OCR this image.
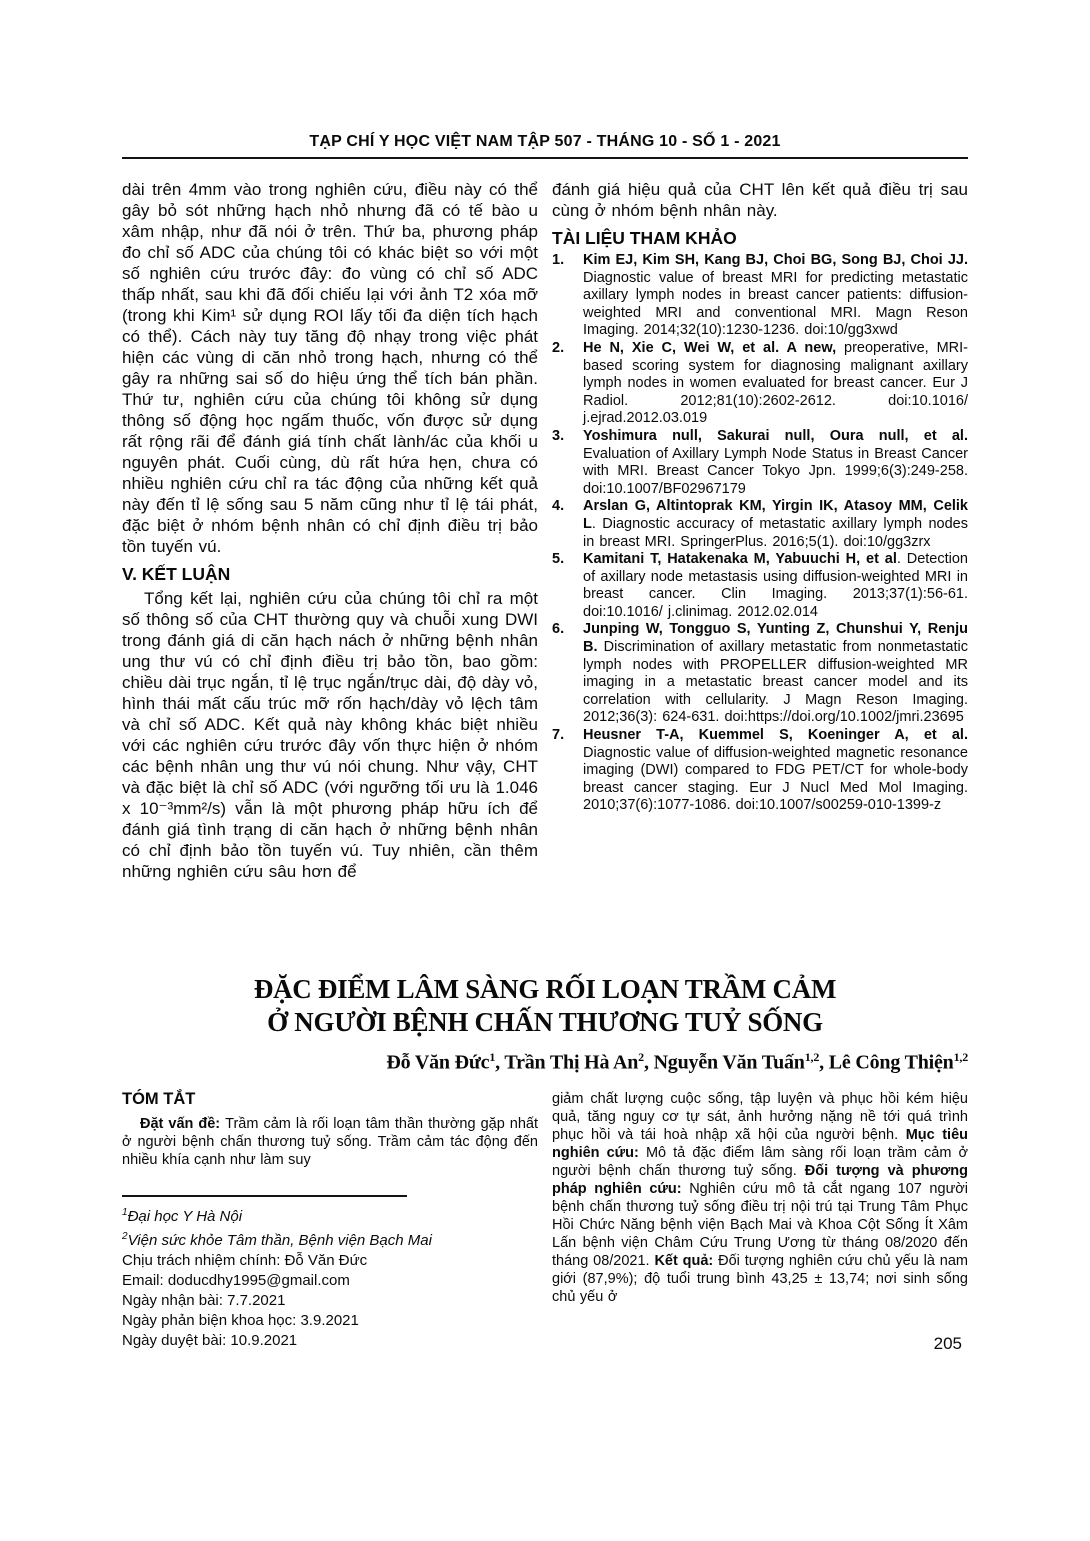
TẠP CHÍ Y HỌC VIỆT NAM TẬP 507 - THÁNG 10 - SỐ 1 - 2021

dài trên 4mm vào trong nghiên cứu, điều này có thể gây bỏ sót những hạch nhỏ nhưng đã có tế bào u xâm nhập, như đã nói ở trên. Thứ ba, phương pháp đo chỉ số ADC của chúng tôi có khác biệt so với một số nghiên cứu trước đây: đo vùng có chỉ số ADC thấp nhất, sau khi đã đối chiếu lại với ảnh T2 xóa mỡ (trong khi Kim¹ sử dụng ROI lấy tối đa diện tích hạch có thể). Cách này tuy tăng độ nhạy trong việc phát hiện các vùng di căn nhỏ trong hạch, nhưng có thể gây ra những sai số do hiệu ứng thể tích bán phần. Thứ tư, nghiên cứu của chúng tôi không sử dụng thông số động học ngấm thuốc, vốn được sử dụng rất rộng rãi để đánh giá tính chất lành/ác của khối u nguyên phát. Cuối cùng, dù rất hứa hẹn, chưa có nhiều nghiên cứu chỉ ra tác động của những kết quả này đến tỉ lệ sống sau 5 năm cũng như tỉ lệ tái phát, đặc biệt ở nhóm bệnh nhân có chỉ định điều trị bảo tồn tuyến vú.

V. KẾT LUẬN

Tổng kết lại, nghiên cứu của chúng tôi chỉ ra một số thông số của CHT thường quy và chuỗi xung DWI trong đánh giá di căn hạch nách ở những bệnh nhân ung thư vú có chỉ định điều trị bảo tồn, bao gồm: chiều dài trục ngắn, tỉ lệ trục ngắn/trục dài, độ dày vỏ, hình thái mất cấu trúc mỡ rốn hạch/dày vỏ lệch tâm và chỉ số ADC. Kết quả này không khác biệt nhiều với các nghiên cứu trước đây vốn thực hiện ở nhóm các bệnh nhân ung thư vú nói chung. Như vậy, CHT và đặc biệt là chỉ số ADC (với ngưỡng tối ưu là 1.046 x 10⁻³mm²/s) vẫn là một phương pháp hữu ích để đánh giá tình trạng di căn hạch ở những bệnh nhân có chỉ định bảo tồn tuyến vú. Tuy nhiên, cần thêm những nghiên cứu sâu hơn để

đánh giá hiệu quả của CHT lên kết quả điều trị sau cùng ở nhóm bệnh nhân này.

TÀI LIỆU THAM KHẢO
1. Kim EJ, Kim SH, Kang BJ, Choi BG, Song BJ, Choi JJ. Diagnostic value of breast MRI for predicting metastatic axillary lymph nodes in breast cancer patients: diffusion-weighted MRI and conventional MRI. Magn Reson Imaging. 2014;32(10):1230-1236. doi:10/gg3xwd
2. He N, Xie C, Wei W, et al. A new, preoperative, MRI-based scoring system for diagnosing malignant axillary lymph nodes in women evaluated for breast cancer. Eur J Radiol. 2012;81(10):2602-2612. doi:10.1016/ j.ejrad.2012.03.019
3. Yoshimura null, Sakurai null, Oura null, et al. Evaluation of Axillary Lymph Node Status in Breast Cancer with MRI. Breast Cancer Tokyo Jpn. 1999;6(3):249-258. doi:10.1007/BF02967179
4. Arslan G, Altintoprak KM, Yirgin IK, Atasoy MM, Celik L. Diagnostic accuracy of metastatic axillary lymph nodes in breast MRI. SpringerPlus. 2016;5(1). doi:10/gg3zrx
5. Kamitani T, Hatakenaka M, Yabuuchi H, et al. Detection of axillary node metastasis using diffusion-weighted MRI in breast cancer. Clin Imaging. 2013;37(1):56-61. doi:10.1016/ j.clinimag. 2012.02.014
6. Junping W, Tongguo S, Yunting Z, Chunshui Y, Renju B. Discrimination of axillary metastatic from nonmetastatic lymph nodes with PROPELLER diffusion-weighted MR imaging in a metastatic breast cancer model and its correlation with cellularity. J Magn Reson Imaging. 2012;36(3): 624-631. doi:https://doi.org/10.1002/jmri.23695
7. Heusner T-A, Kuemmel S, Koeninger A, et al. Diagnostic value of diffusion-weighted magnetic resonance imaging (DWI) compared to FDG PET/CT for whole-body breast cancer staging. Eur J Nucl Med Mol Imaging. 2010;37(6):1077-1086. doi:10.1007/s00259-010-1399-z
ĐẶC ĐIỂM LÂM SÀNG RỐI LOẠN TRẦM CẢM
Ở NGƯỜI BỆNH CHẤN THƯƠNG TUỶ SỐNG
Đỗ Văn Đức$^1$, Trần Thị Hà An$^2$, Nguyễn Văn Tuấn$^{1,2}$, Lê Công Thiện$^{1,2}$
TÓM TẮT

Đặt vấn đề: Trầm cảm là rối loạn tâm thần thường gặp nhất ở người bệnh chấn thương tuỷ sống. Trầm cảm tác động đến nhiều khía cạnh như làm suy

$^1$Đại học Y Hà Nội
$^2$Viện sức khỏe Tâm thần, Bệnh viện Bạch Mai
Chịu trách nhiệm chính: Đỗ Văn Đức
Email: doducdhy1995@gmail.com
Ngày nhận bài: 7.7.2021
Ngày phản biện khoa học: 3.9.2021
Ngày duyệt bài: 10.9.2021

giảm chất lượng cuộc sống, tập luyện và phục hồi kém hiệu quả, tăng nguy cơ tự sát, ảnh hưởng nặng nề tới quá trình phục hồi và tái hoà nhập xã hội của người bệnh. Mục tiêu nghiên cứu: Mô tả đặc điểm lâm sàng rối loạn trầm cảm ở người bệnh chấn thương tuỷ sống. Đối tượng và phương pháp nghiên cứu: Nghiên cứu mô tả cắt ngang 107 người bệnh chấn thương tuỷ sống điều trị nội trú tại Trung Tâm Phục Hồi Chức Năng bệnh viện Bạch Mai và Khoa Cột Sống Ít Xâm Lấn bệnh viện Châm Cứu Trung Ương từ tháng 08/2020 đến tháng 08/2021. Kết quả: Đối tượng nghiên cứu chủ yếu là nam giới (87,9%); độ tuổi trung bình 43,25 ± 13,74; nơi sinh sống chủ yếu ở

205
